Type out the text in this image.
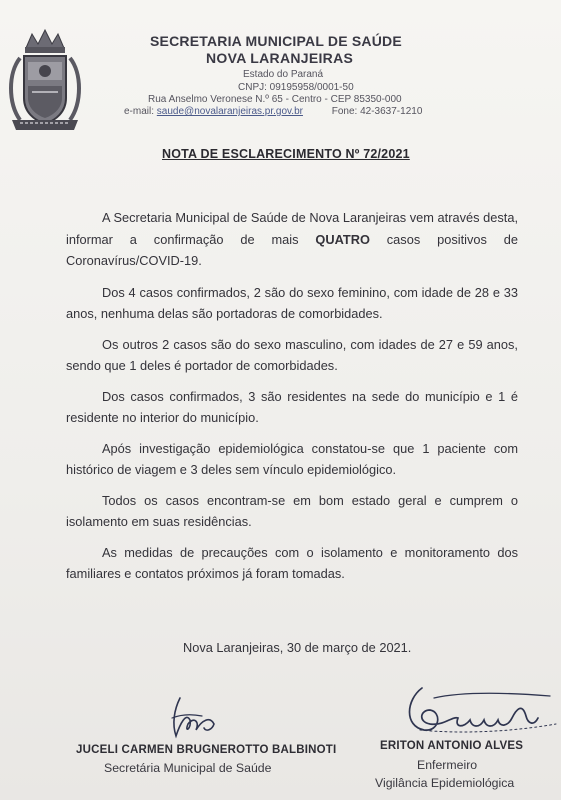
SECRETARIA MUNICIPAL DE SAÚDE
NOVA LARANJEIRAS
Estado do Paraná
CNPJ: 09195958/0001-50
Rua Anselmo Veronese N.º 65 - Centro - CEP 85350-000
e-mail: saude@novalaranjeiras.pr.gov.br	Fone: 42-3637-1210
NOTA DE ESCLARECIMENTO Nº 72/2021

A Secretaria Municipal de Saúde de Nova Laranjeiras vem através desta, informar a confirmação de mais QUATRO casos positivos de Coronavírus/COVID-19.

Dos 4 casos confirmados, 2 são do sexo feminino, com idade de 28 e 33 anos, nenhuma delas são portadoras de comorbidades.

Os outros 2 casos são do sexo masculino, com idades de 27 e 59 anos, sendo que 1 deles é portador de comorbidades.

Dos casos confirmados, 3 são residentes na sede do município e 1 é residente no interior do município.

Após investigação epidemiológica constatou-se que 1 paciente com histórico de viagem e 3 deles sem vínculo epidemiológico.

Todos os casos encontram-se em bom estado geral e cumprem o isolamento em suas residências.

As medidas de precauções com o isolamento e monitoramento dos familiares e contatos próximos já foram tomadas.

Nova Laranjeiras, 30 de março de 2021.
JUCELI CARMEN BRUGNEROTTO BALBINOTI
Secretária Municipal de Saúde
ERITON ANTONIO ALVES
Enfermeiro
Vigilância Epidemiológica
